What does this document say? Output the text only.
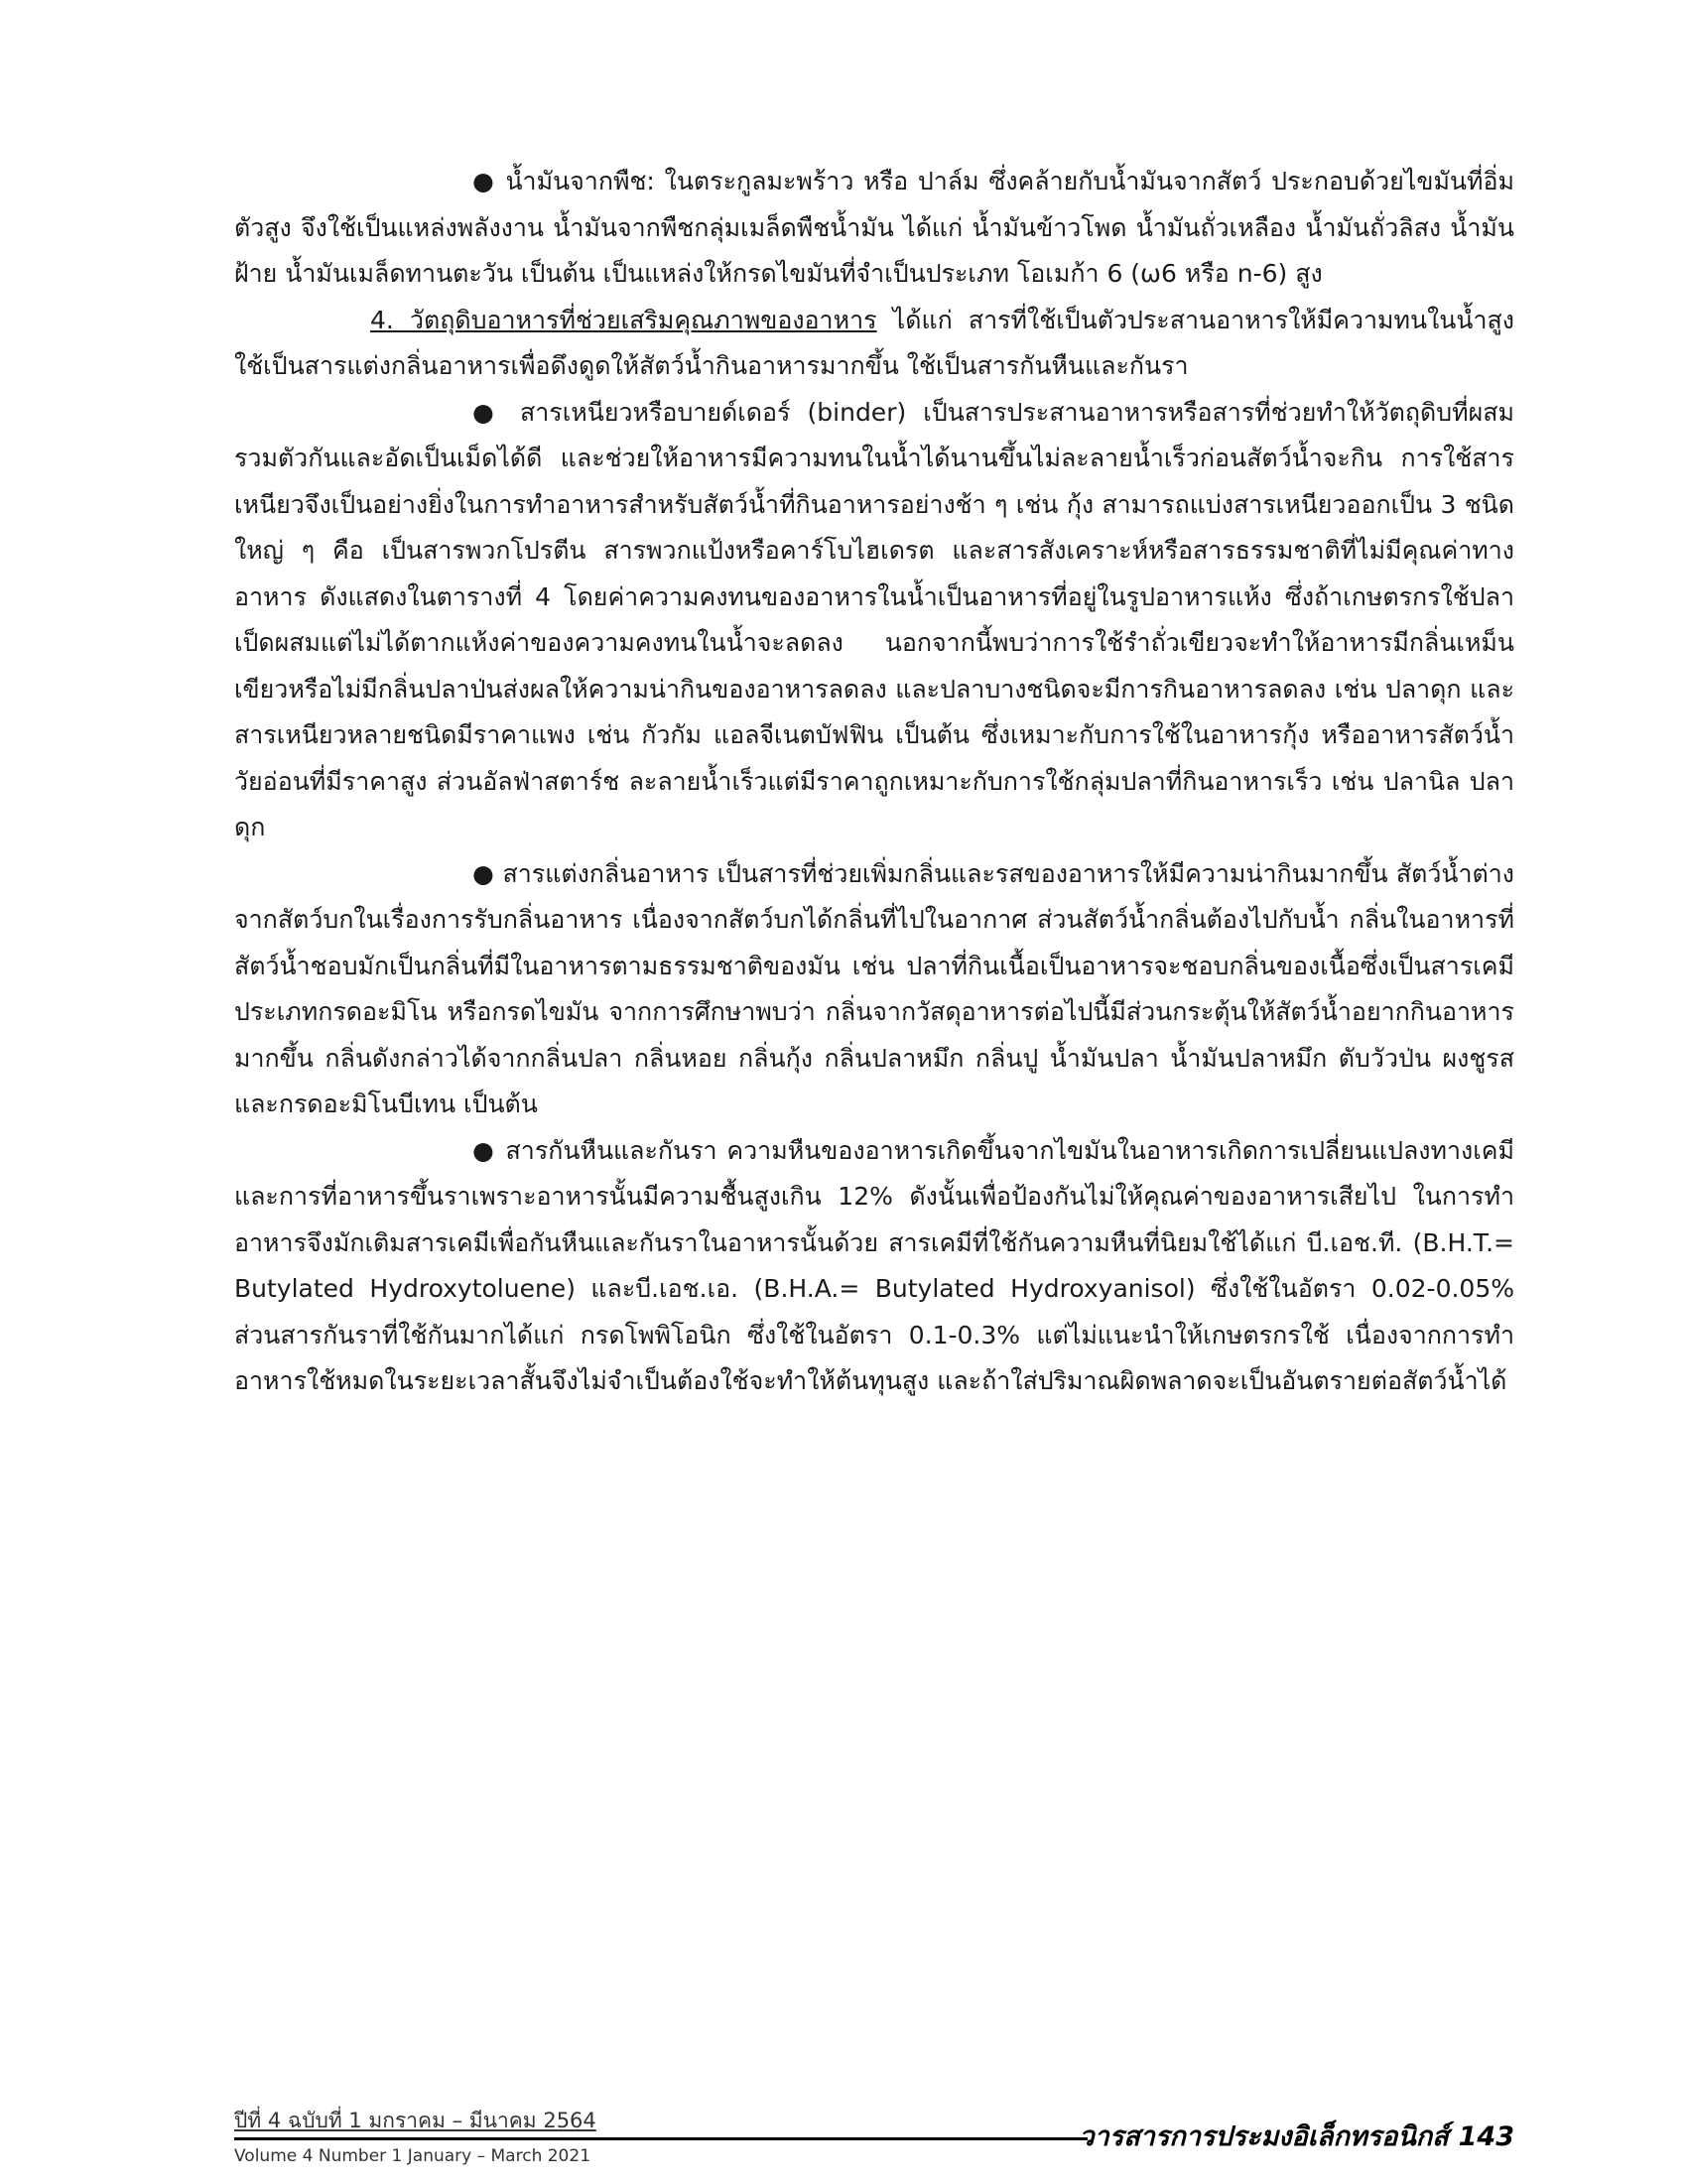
● น้ำมันจากพืช: ในตระกูลมะพร้าว หรือ ปาล์ม ซึ่งคล้ายกับน้ำมันจากสัตว์ ประกอบด้วยไขมันที่อิ่มตัวสูง จึงใช้เป็นแหล่งพลังงาน น้ำมันจากพืชกลุ่มเมล็ดพืชน้ำมัน ได้แก่ น้ำมันข้าวโพด น้ำมันถั่วเหลือง น้ำมันถั่วลิสง น้ำมันฝ้าย น้ำมันเมล็ดทานตะวัน เป็นต้น เป็นแหล่งให้กรดไขมันที่จำเป็นประเภท โอเมก้า 6 (ω6 หรือ n-6) สูง

4. วัตถุดิบอาหารที่ช่วยเสริมคุณภาพของอาหาร ได้แก่ สารที่ใช้เป็นตัวประสานอาหารให้มีความทนในน้ำสูง ใช้เป็นสารแต่งกลิ่นอาหารเพื่อดึงดูดให้สัตว์น้ำกินอาหารมากขึ้น ใช้เป็นสารกันหืนและกันรา

● สารเหนียวหรือบายด์เดอร์ (binder) เป็นสารประสานอาหารหรือสารที่ช่วยทำให้วัตถุดิบที่ผสมรวมตัวกันและอัดเป็นเม็ดได้ดี และช่วยให้อาหารมีความทนในน้ำได้นานขึ้นไม่ละลายน้ำเร็วก่อนสัตว์น้ำจะกิน การใช้สารเหนียวจึงเป็นอย่างยิ่งในการทำอาหารสำหรับสัตว์น้ำที่กินอาหารอย่างช้า ๆ เช่น กุ้ง สามารถแบ่งสารเหนียวออกเป็น 3 ชนิดใหญ่ ๆ คือ เป็นสารพวกโปรตีน สารพวกแป้งหรือคาร์โบไฮเดรต และสารสังเคราะห์หรือสารธรรมชาติที่ไม่มีคุณค่าทางอาหาร ดังแสดงในตารางที่ 4 โดยค่าความคงทนของอาหารในน้ำเป็นอาหารที่อยู่ในรูปอาหารแห้ง ซึ่งถ้าเกษตรกรใช้ปลาเป็ดผสมแต่ไม่ได้ตากแห้งค่าของความคงทนในน้ำจะลดลง นอกจากนี้พบว่าการใช้รำถั่วเขียวจะทำให้อาหารมีกลิ่นเหม็นเขียวหรือไม่มีกลิ่นปลาป่นส่งผลให้ความน่ากินของอาหารลดลง และปลาบางชนิดจะมีการกินอาหารลดลง เช่น ปลาดุก และสารเหนียวหลายชนิดมีราคาแพง เช่น กัวกัม แอลจีเนตบัฟฟิน เป็นต้น ซึ่งเหมาะกับการใช้ในอาหารกุ้ง หรืออาหารสัตว์น้ำวัยอ่อนที่มีราคาสูง ส่วนอัลฟ่าสตาร์ช ละลายน้ำเร็วแต่มีราคาถูกเหมาะกับการใช้กลุ่มปลาที่กินอาหารเร็ว เช่น ปลานิล ปลาดุก

● สารแต่งกลิ่นอาหาร เป็นสารที่ช่วยเพิ่มกลิ่นและรสของอาหารให้มีความน่ากินมากขึ้น สัตว์น้ำต่างจากสัตว์บกในเรื่องการรับกลิ่นอาหาร เนื่องจากสัตว์บกได้กลิ่นที่ไปในอากาศ ส่วนสัตว์น้ำกลิ่นต้องไปกับน้ำ กลิ่นในอาหารที่สัตว์น้ำชอบมักเป็นกลิ่นที่มีในอาหารตามธรรมชาติของมัน เช่น ปลาที่กินเนื้อเป็นอาหารจะชอบกลิ่นของเนื้อซึ่งเป็นสารเคมีประเภทกรดอะมิโน หรือกรดไขมัน จากการศึกษาพบว่า กลิ่นจากวัสดุอาหารต่อไปนี้มีส่วนกระตุ้นให้สัตว์น้ำอยากกินอาหารมากขึ้น กลิ่นดังกล่าวได้จากกลิ่นปลา กลิ่นหอย กลิ่นกุ้ง กลิ่นปลาหมึก กลิ่นปู น้ำมันปลา น้ำมันปลาหมึก ตับวัวป่น ผงชูรส และกรดอะมิโนบีเทน เป็นต้น

● สารกันหืนและกันรา ความหืนของอาหารเกิดขึ้นจากไขมันในอาหารเกิดการเปลี่ยนแปลงทางเคมี และการที่อาหารขึ้นราเพราะอาหารนั้นมีความชื้นสูงเกิน 12% ดังนั้นเพื่อป้องกันไม่ให้คุณค่าของอาหารเสียไป ในการทำอาหารจึงมักเติมสารเคมีเพื่อกันหืนและกันราในอาหารนั้นด้วย สารเคมีที่ใช้กันความหืนที่นิยมใช้ได้แก่ บี.เอช.ที. (B.H.T.= Butylated Hydroxytoluene) และบี.เอช.เอ. (B.H.A.= Butylated Hydroxyanisol) ซึ่งใช้ในอัตรา 0.02-0.05% ส่วนสารกันราที่ใช้กันมากได้แก่ กรดโพพิโอนิก ซึ่งใช้ในอัตรา 0.1-0.3% แต่ไม่แนะนำให้เกษตรกรใช้ เนื่องจากการทำอาหารใช้หมดในระยะเวลาสั้นจึงไม่จำเป็นต้องใช้จะทำให้ต้นทุนสูง และถ้าใส่ปริมาณผิดพลาดจะเป็นอันตรายต่อสัตว์น้ำได้

ปีที่ 4 ฉบับที่ 1 มกราคม – มีนาคม 2564
Volume 4 Number 1 January – March 2021
วารสารการประมงอิเล็กทรอนิกส์ 143
